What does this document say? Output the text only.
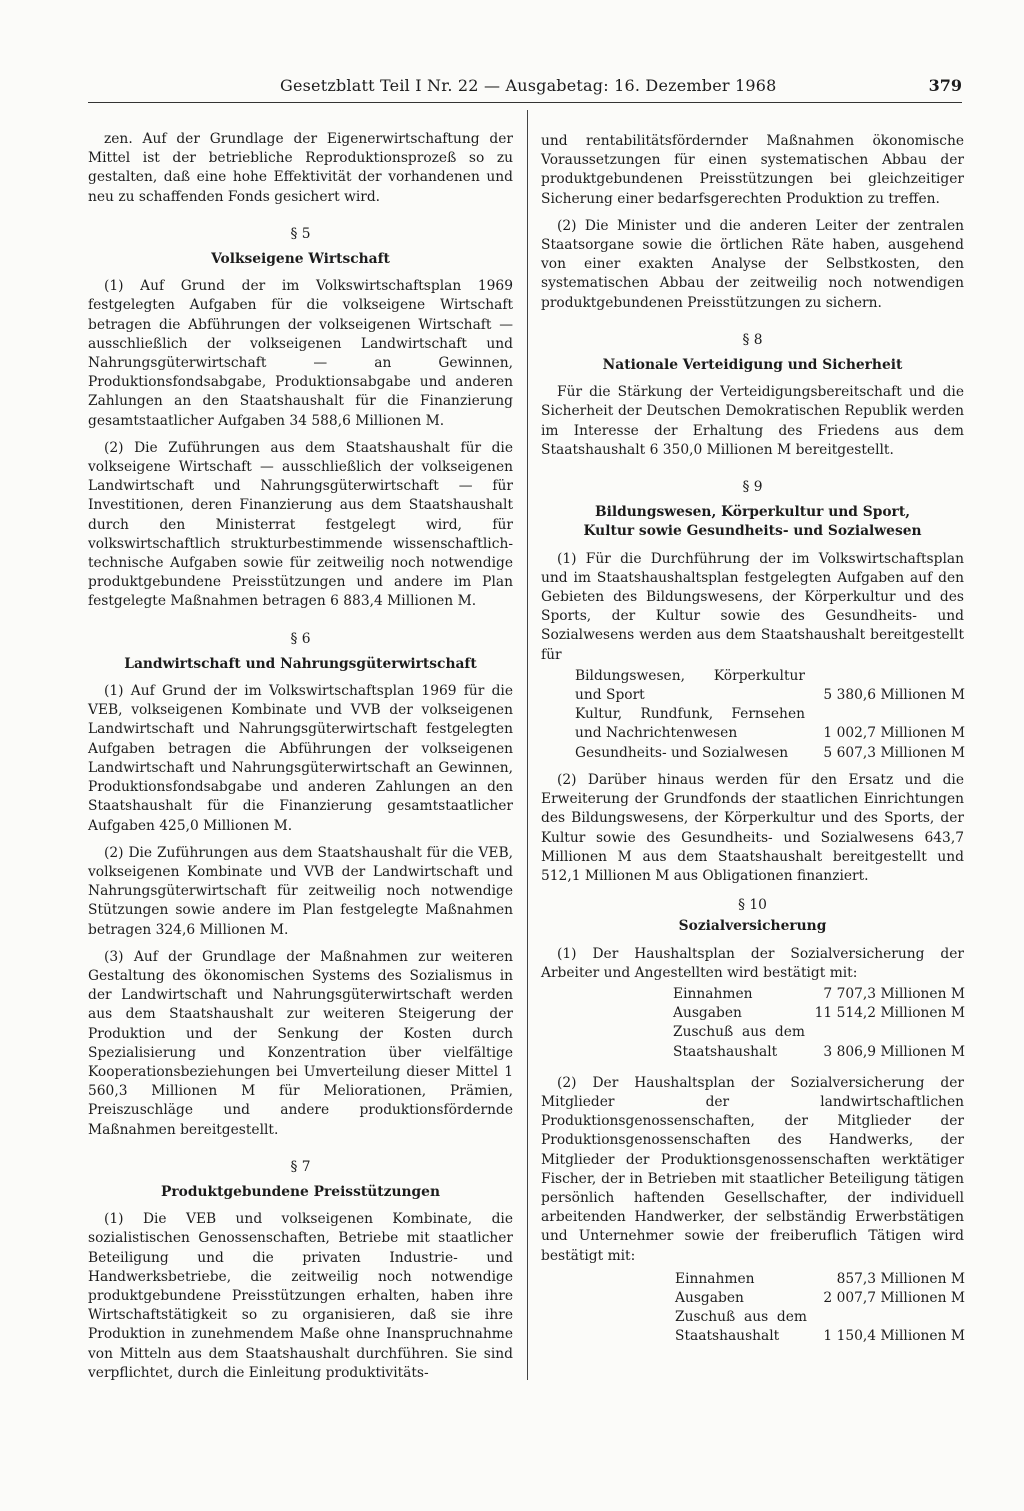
Gesetzblatt Teil I Nr. 22 — Ausgabetag: 16. Dezember 1968	379

zen. Auf der Grundlage der Eigenerwirtschaftung der Mittel ist der betriebliche Reproduktionsprozeß so zu gestalten, daß eine hohe Effektivität der vorhandenen und neu zu schaffenden Fonds gesichert wird.

§ 5
Volkseigene Wirtschaft

(1) Auf Grund der im Volkswirtschaftsplan 1969 festgelegten Aufgaben für die volkseigene Wirtschaft betragen die Abführungen der volkseigenen Wirtschaft — ausschließlich der volkseigenen Landwirtschaft und Nahrungsgüterwirtschaft — an Gewinnen, Produktionsfondsabgabe, Produktionsabgabe und anderen Zahlungen an den Staatshaushalt für die Finanzierung gesamtstaatlicher Aufgaben 34 588,6 Millionen M.

(2) Die Zuführungen aus dem Staatshaushalt für die volkseigene Wirtschaft — ausschließlich der volkseigenen Landwirtschaft und Nahrungsgüterwirtschaft — für Investitionen, deren Finanzierung aus dem Staatshaushalt durch den Ministerrat festgelegt wird, für volkswirtschaftlich strukturbestimmende wissenschaftlich-technische Aufgaben sowie für zeitweilig noch notwendige produktgebundene Preisstützungen und andere im Plan festgelegte Maßnahmen betragen 6 883,4 Millionen M.

§ 6
Landwirtschaft und Nahrungsgüterwirtschaft

(1) Auf Grund der im Volkswirtschaftsplan 1969 für die VEB, volkseigenen Kombinate und VVB der volkseigenen Landwirtschaft und Nahrungsgüterwirtschaft festgelegten Aufgaben betragen die Abführungen der volkseigenen Landwirtschaft und Nahrungsgüterwirtschaft an Gewinnen, Produktionsfondsabgabe und anderen Zahlungen an den Staatshaushalt für die Finanzierung gesamtstaatlicher Aufgaben 425,0 Millionen M.

(2) Die Zuführungen aus dem Staatshaushalt für die VEB, volkseigenen Kombinate und VVB der Landwirtschaft und Nahrungsgüterwirtschaft für zeitweilig noch notwendige Stützungen sowie andere im Plan festgelegte Maßnahmen betragen 324,6 Millionen M.

(3) Auf der Grundlage der Maßnahmen zur weiteren Gestaltung des ökonomischen Systems des Sozialismus in der Landwirtschaft und Nahrungsgüterwirtschaft werden aus dem Staatshaushalt zur weiteren Steigerung der Produktion und der Senkung der Kosten durch Spezialisierung und Konzentration über vielfältige Kooperationsbeziehungen bei Umverteilung dieser Mittel 1 560,3 Millionen M für Meliorationen, Prämien, Preiszuschläge und andere produktionsfördernde Maßnahmen bereitgestellt.

§ 7
Produktgebundene Preisstützungen

(1) Die VEB und volkseigenen Kombinate, die sozialistischen Genossenschaften, Betriebe mit staatlicher Beteiligung und die privaten Industrie- und Handwerksbetriebe, die zeitweilig noch notwendige produktgebundene Preisstützungen erhalten, haben ihre Wirtschaftstätigkeit so zu organisieren, daß sie ihre Produktion in zunehmendem Maße ohne Inanspruchnahme von Mitteln aus dem Staatshaushalt durchführen. Sie sind verpflichtet, durch die Einleitung produktivitäts-

und rentabilitätsfördernder Maßnahmen ökonomische Voraussetzungen für einen systematischen Abbau der produktgebundenen Preisstützungen bei gleichzeitiger Sicherung einer bedarfsgerechten Produktion zu treffen.

(2) Die Minister und die anderen Leiter der zentralen Staatsorgane sowie die örtlichen Räte haben, ausgehend von einer exakten Analyse der Selbstkosten, den systematischen Abbau der zeitweilig noch notwendigen produktgebundenen Preisstützungen zu sichern.

§ 8
Nationale Verteidigung und Sicherheit

Für die Stärkung der Verteidigungsbereitschaft und die Sicherheit der Deutschen Demokratischen Republik werden im Interesse der Erhaltung des Friedens aus dem Staatshaushalt 6 350,0 Millionen M bereitgestellt.

§ 9
Bildungswesen, Körperkultur und Sport,
Kultur sowie Gesundheits- und Sozialwesen

(1) Für die Durchführung der im Volkswirtschaftsplan und im Staatshaushaltsplan festgelegten Aufgaben auf den Gebieten des Bildungswesens, der Körperkultur und des Sports, der Kultur sowie des Gesundheits- und Sozialwesens werden aus dem Staatshaushalt bereitgestellt für

Bildungswesen, Körperkultur und Sport	5 380,6 Millionen M
Kultur, Rundfunk, Fernsehen und Nachrichtenwesen	1 002,7 Millionen M
Gesundheits- und Sozialwesen	5 607,3 Millionen M

(2) Darüber hinaus werden für den Ersatz und die Erweiterung der Grundfonds der staatlichen Einrichtungen des Bildungswesens, der Körperkultur und des Sports, der Kultur sowie des Gesundheits- und Sozialwesens 643,7 Millionen M aus dem Staatshaushalt bereitgestellt und 512,1 Millionen M aus Obligationen finanziert.

§ 10
Sozialversicherung

(1) Der Haushaltsplan der Sozialversicherung der Arbeiter und Angestellten wird bestätigt mit:

Einnahmen	7 707,3 Millionen M
Ausgaben	11 514,2 Millionen M
Zuschuß aus dem Staatshaushalt	3 806,9 Millionen M

(2) Der Haushaltsplan der Sozialversicherung der Mitglieder der landwirtschaftlichen Produktionsgenossenschaften, der Mitglieder der Produktionsgenossenschaften des Handwerks, der Mitglieder der Produktionsgenossenschaften werktätiger Fischer, der in Betrieben mit staatlicher Beteiligung tätigen persönlich haftenden Gesellschafter, der individuell arbeitenden Handwerker, der selbständig Erwerbstätigen und Unternehmer sowie der freiberuflich Tätigen wird bestätigt mit:

Einnahmen	857,3 Millionen M
Ausgaben	2 007,7 Millionen M
Zuschuß aus dem Staatshaushalt	1 150,4 Millionen M
